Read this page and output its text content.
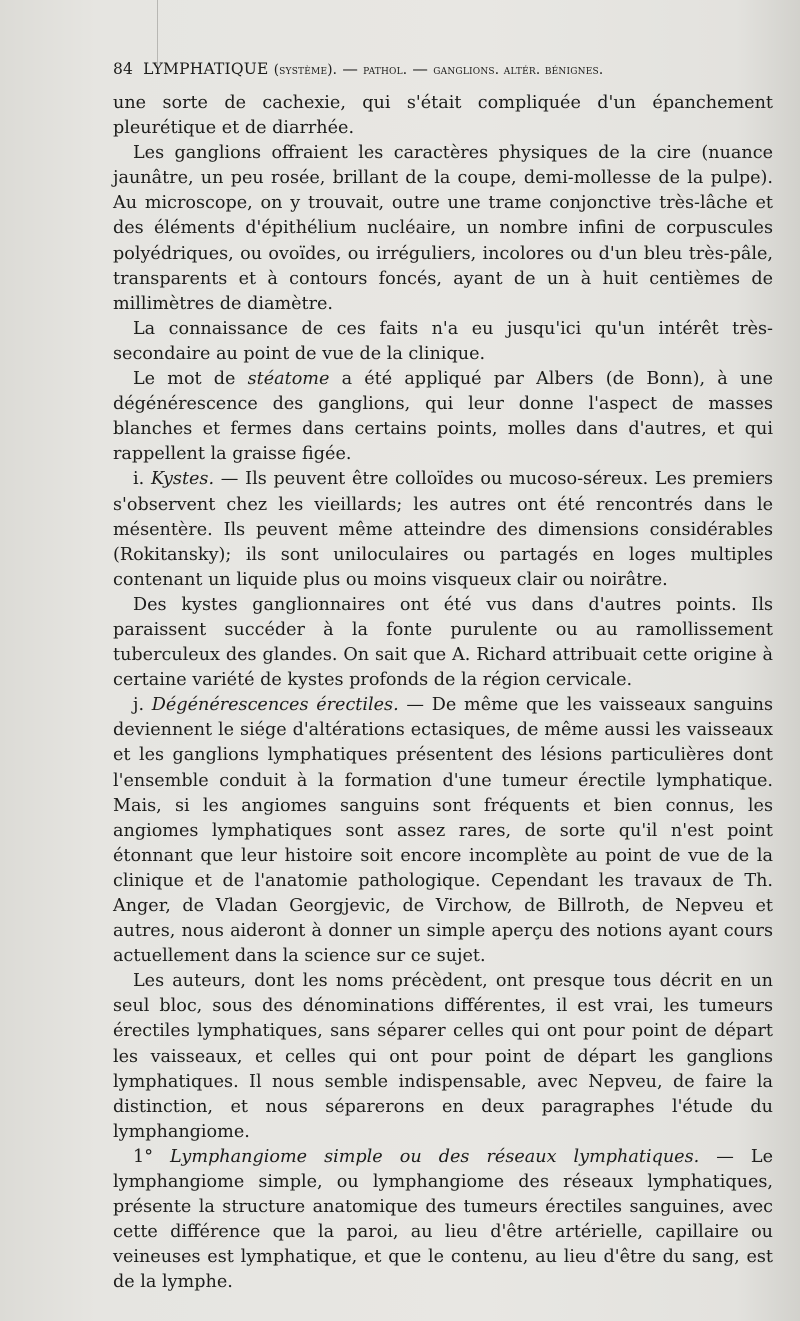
84 LYMPHATIQUE (système). — pathol. — ganglions. altér. bénignes.

une sorte de cachexie, qui s'était compliquée d'un épanchement pleurétique et de diarrhée.

Les ganglions offraient les caractères physiques de la cire (nuance jaunâtre, un peu rosée, brillant de la coupe, demi-mollesse de la pulpe). Au microscope, on y trouvait, outre une trame conjonctive très-lâche et des éléments d'épithélium nucléaire, un nombre infini de corpuscules polyédriques, ou ovoïdes, ou irréguliers, incolores ou d'un bleu très-pâle, transparents et à contours foncés, ayant de un à huit centièmes de millimètres de diamètre.

La connaissance de ces faits n'a eu jusqu'ici qu'un intérêt très-secondaire au point de vue de la clinique.

Le mot de stéatome a été appliqué par Albers (de Bonn), à une dégénérescence des ganglions, qui leur donne l'aspect de masses blanches et fermes dans certains points, molles dans d'autres, et qui rappellent la graisse figée.

i. Kystes. — Ils peuvent être colloïdes ou mucoso-séreux. Les premiers s'observent chez les vieillards; les autres ont été rencontrés dans le mésentère. Ils peuvent même atteindre des dimensions considérables (Rokitansky); ils sont uniloculaires ou partagés en loges multiples contenant un liquide plus ou moins visqueux clair ou noirâtre.

Des kystes ganglionnaires ont été vus dans d'autres points. Ils paraissent succéder à la fonte purulente ou au ramollissement tuberculeux des glandes. On sait que A. Richard attribuait cette origine à certaine variété de kystes profonds de la région cervicale.

j. Dégénérescences érectiles. — De même que les vaisseaux sanguins deviennent le siége d'altérations ectasiques, de même aussi les vaisseaux et les ganglions lymphatiques présentent des lésions particulières dont l'ensemble conduit à la formation d'une tumeur érectile lymphatique. Mais, si les angiomes sanguins sont fréquents et bien connus, les angiomes lymphatiques sont assez rares, de sorte qu'il n'est point étonnant que leur histoire soit encore incomplète au point de vue de la clinique et de l'anatomie pathologique. Cependant les travaux de Th. Anger, de Vladan Georgjevic, de Virchow, de Billroth, de Nepveu et autres, nous aideront à donner un simple aperçu des notions ayant cours actuellement dans la science sur ce sujet.

Les auteurs, dont les noms précèdent, ont presque tous décrit en un seul bloc, sous des dénominations différentes, il est vrai, les tumeurs érectiles lymphatiques, sans séparer celles qui ont pour point de départ les vaisseaux, et celles qui ont pour point de départ les ganglions lymphatiques. Il nous semble indispensable, avec Nepveu, de faire la distinction, et nous séparerons en deux paragraphes l'étude du lymphangiome.

1° Lymphangiome simple ou des réseaux lymphatiques. — Le lymphangiome simple, ou lymphangiome des réseaux lymphatiques, présente la structure anatomique des tumeurs érectiles sanguines, avec cette différence que la paroi, au lieu d'être artérielle, capillaire ou veineuses est lymphatique, et que le contenu, au lieu d'être du sang, est de la lymphe.
